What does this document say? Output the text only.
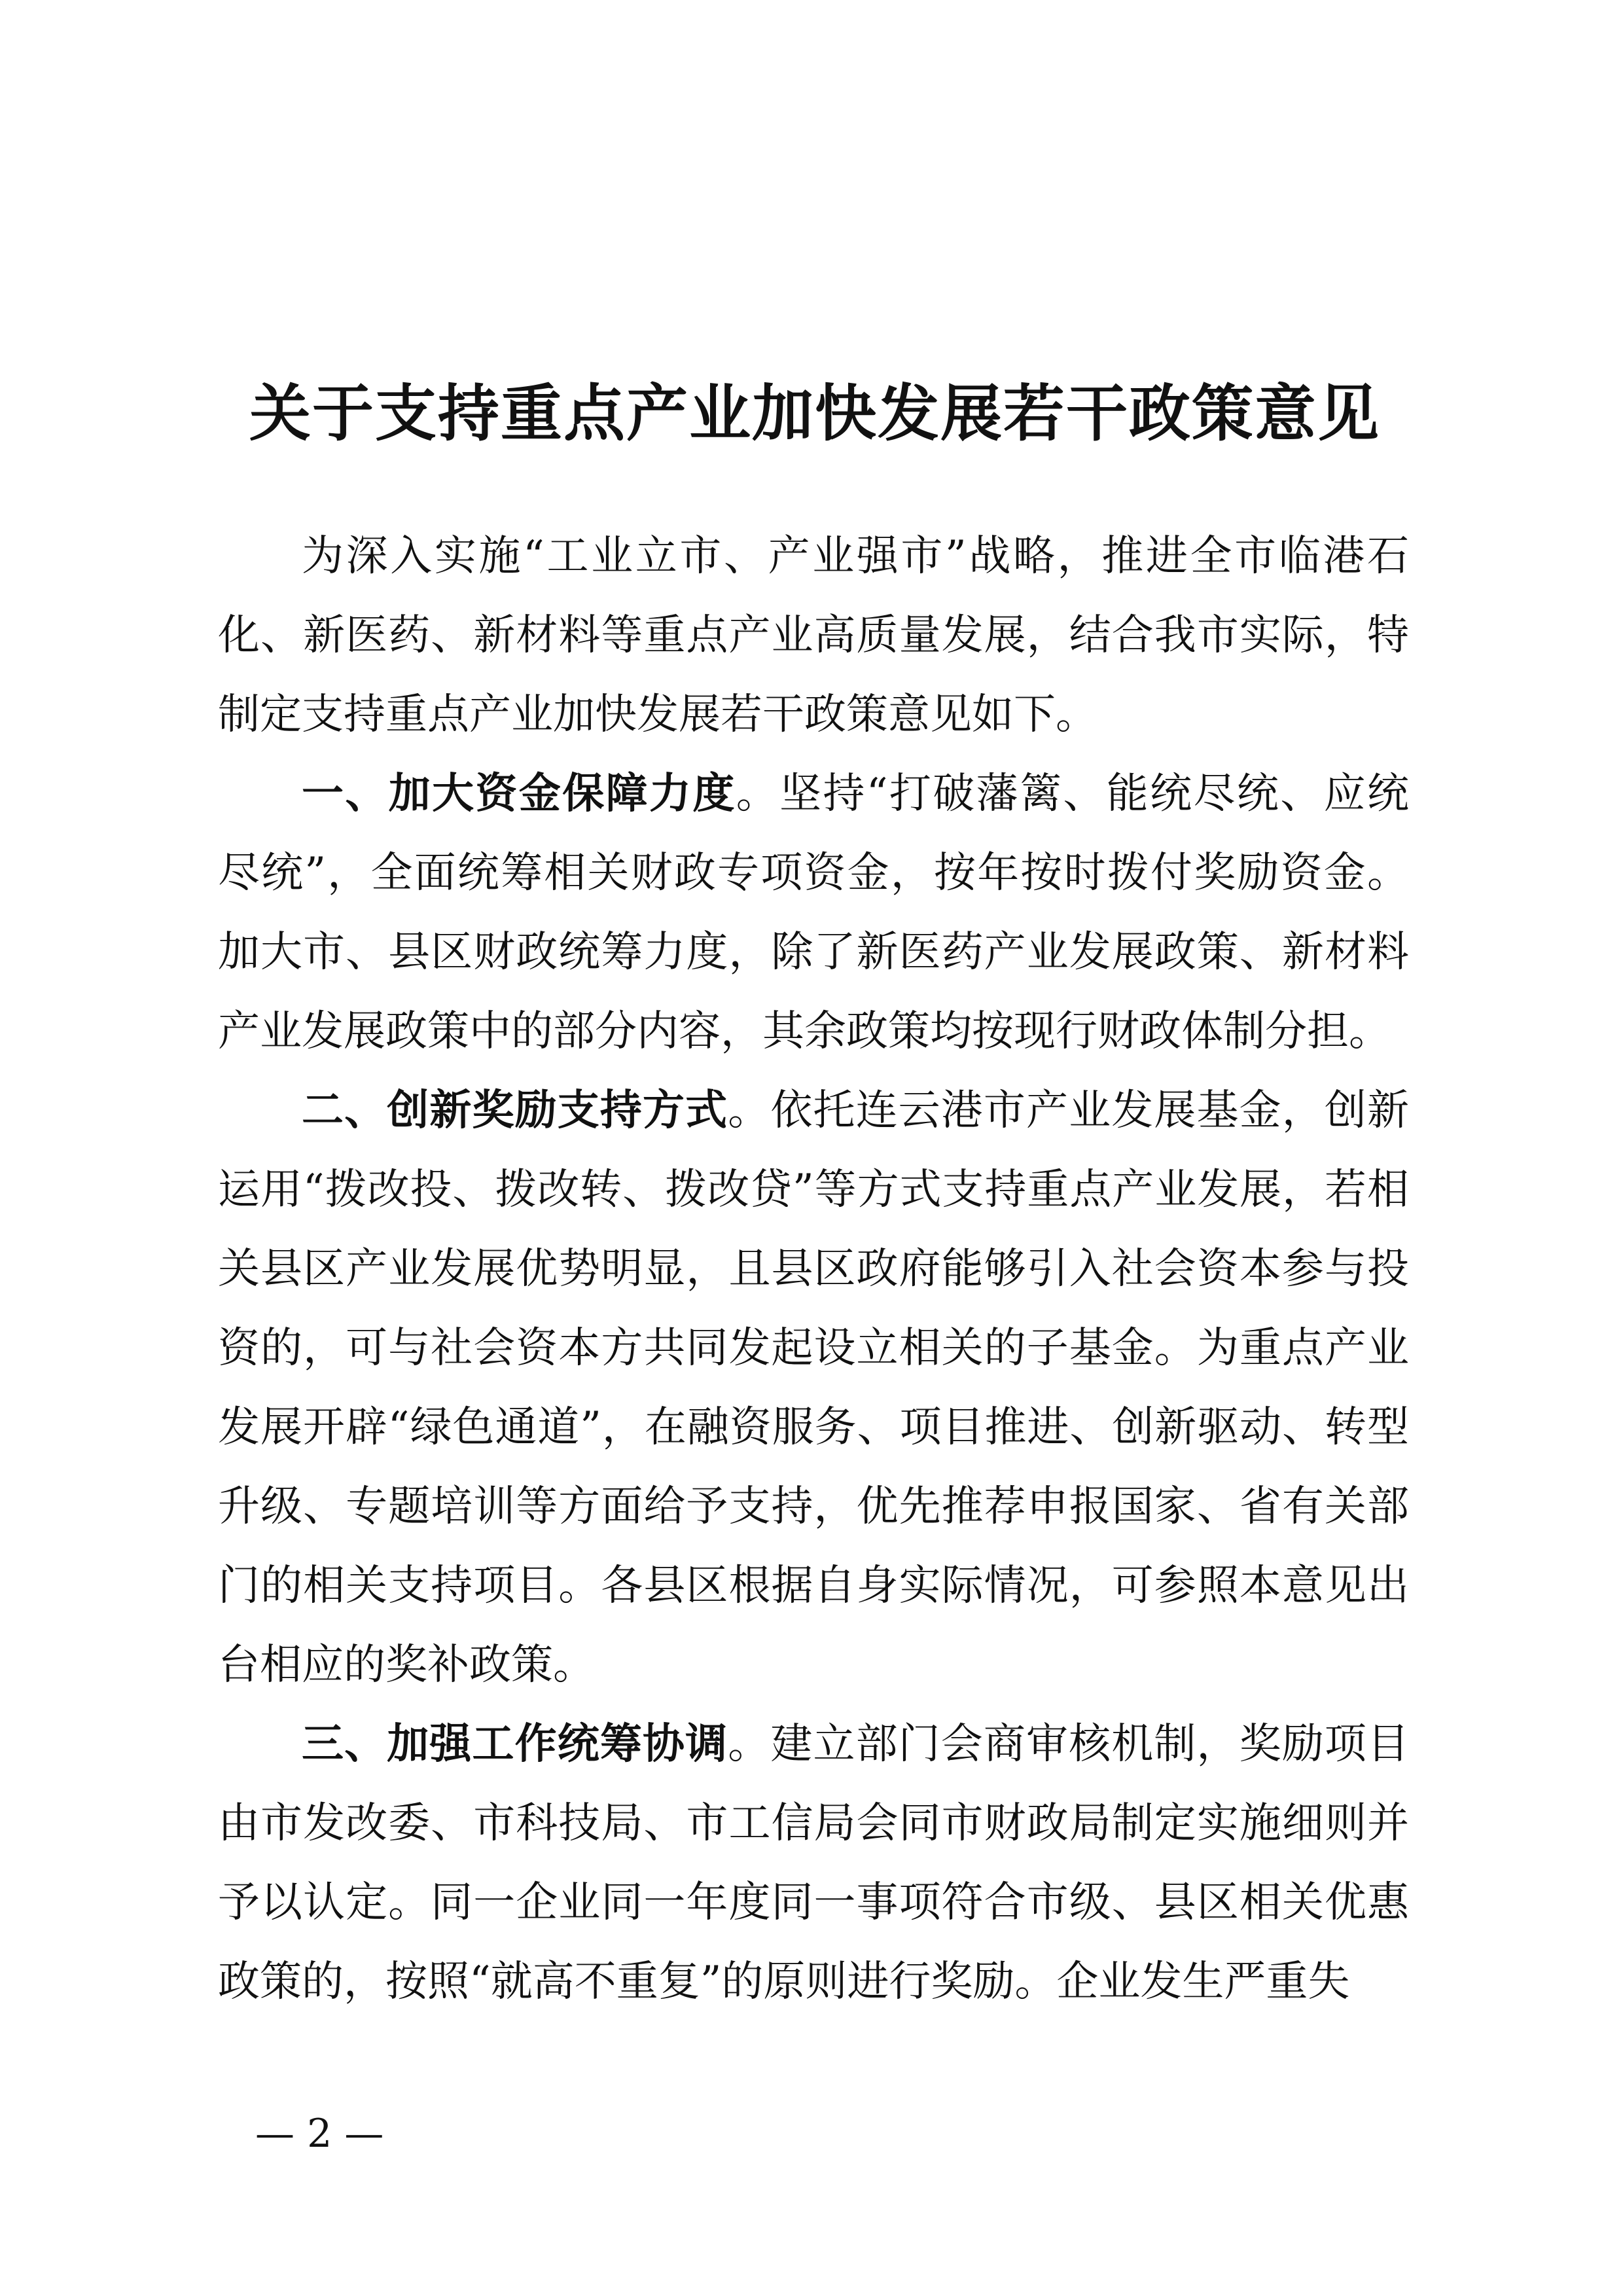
关于支持重点产业加快发展若干政策意见

为深入实施“工业立市、产业强市”战略，推进全市临港石化、新医药、新材料等重点产业高质量发展，结合我市实际，特制定支持重点产业加快发展若干政策意见如下。

一、加大资金保障力度。坚持“打破藩篱、能统尽统、应统尽统”，全面统筹相关财政专项资金，按年按时拨付奖励资金。加大市、县区财政统筹力度，除了新医药产业发展政策、新材料产业发展政策中的部分内容，其余政策均按现行财政体制分担。

二、创新奖励支持方式。依托连云港市产业发展基金，创新运用“拨改投、拨改转、拨改贷”等方式支持重点产业发展，若相关县区产业发展优势明显，且县区政府能够引入社会资本参与投资的，可与社会资本方共同发起设立相关的子基金。为重点产业发展开辟“绿色通道”，在融资服务、项目推进、创新驱动、转型升级、专题培训等方面给予支持，优先推荐申报国家、省有关部门的相关支持项目。各县区根据自身实际情况，可参照本意见出台相应的奖补政策。

三、加强工作统筹协调。建立部门会商审核机制，奖励项目由市发改委、市科技局、市工信局会同市财政局制定实施细则并予以认定。同一企业同一年度同一事项符合市级、县区相关优惠政策的，按照“就高不重复”的原则进行奖励。企业发生严重失

— 2 —
